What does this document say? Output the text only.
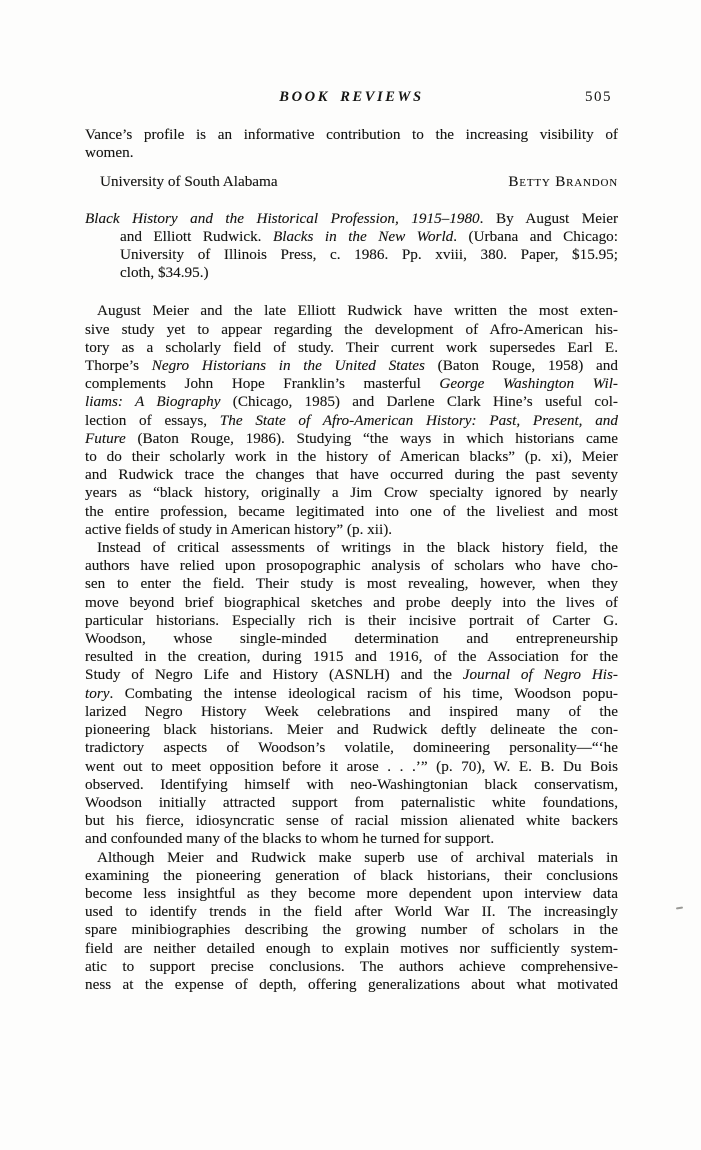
BOOK REVIEWS	505
Vance’s profile is an informative contribution to the increasing visibility of
women.
University of South Alabama	Betty Brandon
Black History and the Historical Profession, 1915–1980. By August Meier
and Elliott Rudwick. Blacks in the New World. (Urbana and Chicago:
University of Illinois Press, c. 1986. Pp. xviii, 380. Paper, $15.95;
cloth, $34.95.)
August Meier and the late Elliott Rudwick have written the most exten-
sive study yet to appear regarding the development of Afro-American his-
tory as a scholarly field of study. Their current work supersedes Earl E.
Thorpe’s Negro Historians in the United States (Baton Rouge, 1958) and
complements John Hope Franklin’s masterful George Washington Wil-
liams: A Biography (Chicago, 1985) and Darlene Clark Hine’s useful col-
lection of essays, The State of Afro-American History: Past, Present, and
Future (Baton Rouge, 1986). Studying “the ways in which historians came
to do their scholarly work in the history of American blacks” (p. xi), Meier
and Rudwick trace the changes that have occurred during the past seventy
years as “black history, originally a Jim Crow specialty ignored by nearly
the entire profession, became legitimated into one of the liveliest and most
active fields of study in American history” (p. xii).
Instead of critical assessments of writings in the black history field, the
authors have relied upon prosopographic analysis of scholars who have cho-
sen to enter the field. Their study is most revealing, however, when they
move beyond brief biographical sketches and probe deeply into the lives of
particular historians. Especially rich is their incisive portrait of Carter G.
Woodson, whose single-minded determination and entrepreneurship
resulted in the creation, during 1915 and 1916, of the Association for the
Study of Negro Life and History (ASNLH) and the Journal of Negro His-
tory. Combating the intense ideological racism of his time, Woodson popu-
larized Negro History Week celebrations and inspired many of the
pioneering black historians. Meier and Rudwick deftly delineate the con-
tradictory aspects of Woodson’s volatile, domineering personality—“‘he
went out to meet opposition before it arose . . .’” (p. 70), W. E. B. Du Bois
observed. Identifying himself with neo-Washingtonian black conservatism,
Woodson initially attracted support from paternalistic white foundations,
but his fierce, idiosyncratic sense of racial mission alienated white backers
and confounded many of the blacks to whom he turned for support.
Although Meier and Rudwick make superb use of archival materials in
examining the pioneering generation of black historians, their conclusions
become less insightful as they become more dependent upon interview data
used to identify trends in the field after World War II. The increasingly
spare minibiographies describing the growing number of scholars in the
field are neither detailed enough to explain motives nor sufficiently system-
atic to support precise conclusions. The authors achieve comprehensive-
ness at the expense of depth, offering generalizations about what motivated
